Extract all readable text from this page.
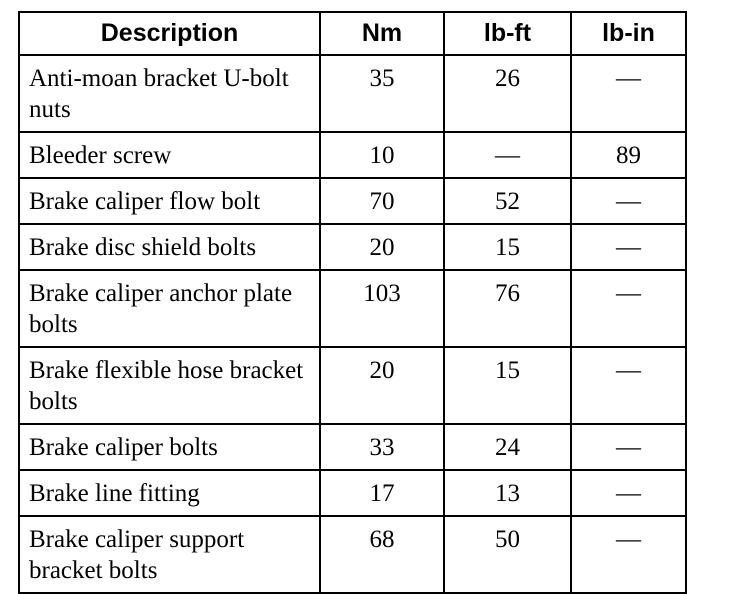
Description	Nm	lb-ft	lb-in
Anti-moan bracket U-bolt nuts	35	26	—
Bleeder screw	10	—	89
Brake caliper flow bolt	70	52	—
Brake disc shield bolts	20	15	—
Brake caliper anchor plate bolts	103	76	—
Brake flexible hose bracket bolts	20	15	—
Brake caliper bolts	33	24	—
Brake line fitting	17	13	—
Brake caliper support bracket bolts	68	50	—
